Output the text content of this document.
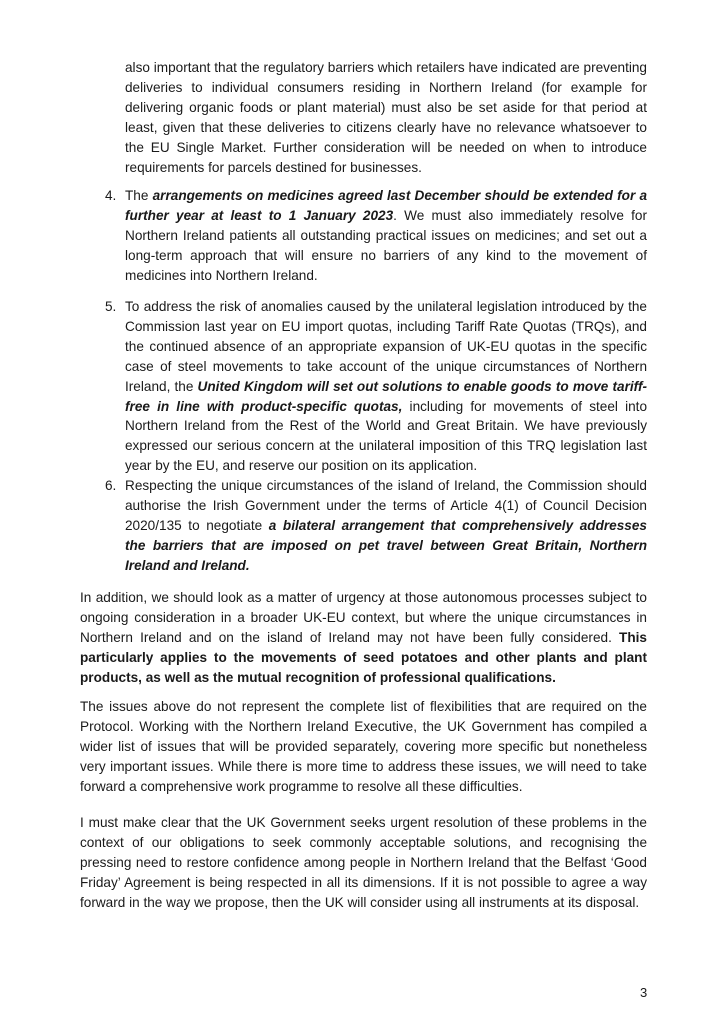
also important that the regulatory barriers which retailers have indicated are preventing deliveries to individual consumers residing in Northern Ireland (for example for delivering organic foods or plant material) must also be set aside for that period at least, given that these deliveries to citizens clearly have no relevance whatsoever to the EU Single Market. Further consideration will be needed on when to introduce requirements for parcels destined for businesses.

4. The arrangements on medicines agreed last December should be extended for a further year at least to 1 January 2023. We must also immediately resolve for Northern Ireland patients all outstanding practical issues on medicines; and set out a long-term approach that will ensure no barriers of any kind to the movement of medicines into Northern Ireland.

5. To address the risk of anomalies caused by the unilateral legislation introduced by the Commission last year on EU import quotas, including Tariff Rate Quotas (TRQs), and the continued absence of an appropriate expansion of UK-EU quotas in the specific case of steel movements to take account of the unique circumstances of Northern Ireland, the United Kingdom will set out solutions to enable goods to move tariff-free in line with product-specific quotas, including for movements of steel into Northern Ireland from the Rest of the World and Great Britain. We have previously expressed our serious concern at the unilateral imposition of this TRQ legislation last year by the EU, and reserve our position on its application.

6. Respecting the unique circumstances of the island of Ireland, the Commission should authorise the Irish Government under the terms of Article 4(1) of Council Decision 2020/135 to negotiate a bilateral arrangement that comprehensively addresses the barriers that are imposed on pet travel between Great Britain, Northern Ireland and Ireland.

In addition, we should look as a matter of urgency at those autonomous processes subject to ongoing consideration in a broader UK-EU context, but where the unique circumstances in Northern Ireland and on the island of Ireland may not have been fully considered. This particularly applies to the movements of seed potatoes and other plants and plant products, as well as the mutual recognition of professional qualifications.

The issues above do not represent the complete list of flexibilities that are required on the Protocol. Working with the Northern Ireland Executive, the UK Government has compiled a wider list of issues that will be provided separately, covering more specific but nonetheless very important issues. While there is more time to address these issues, we will need to take forward a comprehensive work programme to resolve all these difficulties.

I must make clear that the UK Government seeks urgent resolution of these problems in the context of our obligations to seek commonly acceptable solutions, and recognising the pressing need to restore confidence among people in Northern Ireland that the Belfast ‘Good Friday’ Agreement is being respected in all its dimensions. If it is not possible to agree a way forward in the way we propose, then the UK will consider using all instruments at its disposal.

3
